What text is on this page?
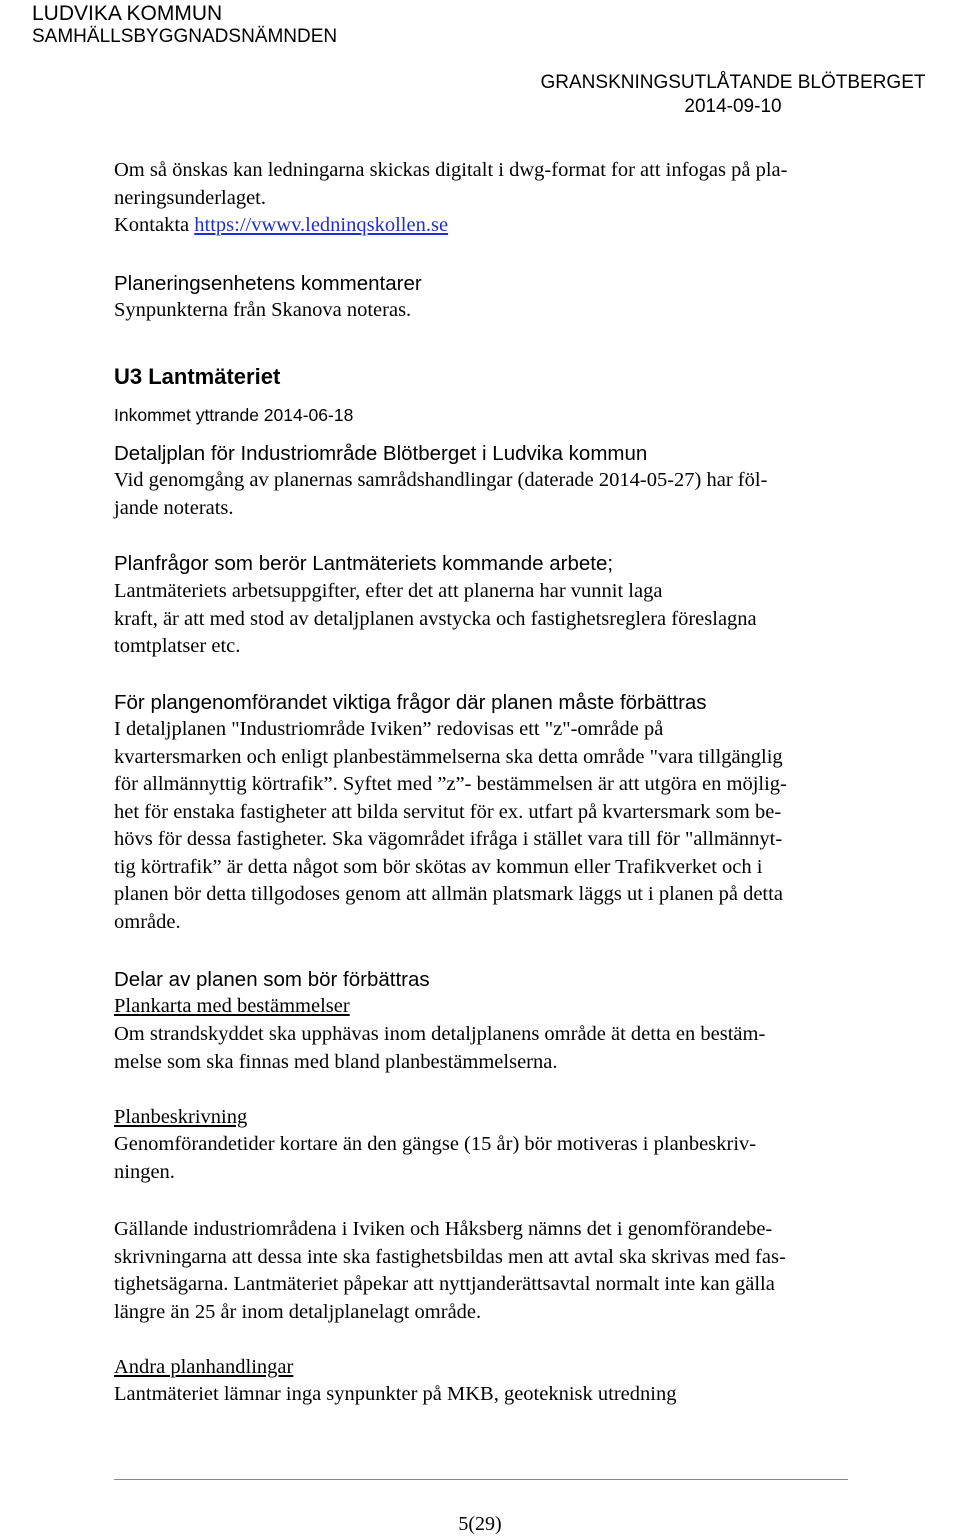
LUDVIKA KOMMUN
SAMHÄLLSBYGGNADSNÄMNDEN
GRANSKNINGSUTLÅTANDE BLÖTBERGET
2014-09-10
Om så önskas kan ledningarna skickas digitalt i dwg-format for att infogas på pla-
neringsunderlaget.
Kontakta https://vwwv.ledninqskollen.se
Planeringsenhetens kommentarer
Synpunkterna från Skanova noteras.
U3 Lantmäteriet
Inkommet yttrande 2014-06-18
Detaljplan för Industriområde Blötberget i Ludvika kommun
Vid genomgång av planernas samrådshandlingar (daterade 2014-05-27) har föl-
jande noterats.
Planfrågor som berör Lantmäteriets kommande arbete;
Lantmäteriets arbetsuppgifter, efter det att planerna har vunnit laga
kraft, är att med stod av detaljplanen avstycka och fastighetsreglera föreslagna
tomtplatser etc.
För plangenomförandet viktiga frågor där planen måste förbättras
I detaljplanen "Industriområde Iviken” redovisas ett "z"-område på
kvartersmarken och enligt planbestämmelserna ska detta område "vara tillgänglig
för allmännyttig körtrafik”. Syftet med ”z”- bestämmelsen är att utgöra en möjlig-
het för enstaka fastigheter att bilda servitut för ex. utfart på kvartersmark som be-
hövs för dessa fastigheter. Ska vägområdet ifråga i stället vara till för "allmännyt-
tig körtrafik” är detta något som bör skötas av kommun eller Trafikverket och i
planen bör detta tillgodoses genom att allmän platsmark läggs ut i planen på detta
område.
Delar av planen som bör förbättras
Plankarta med bestämmelser
Om strandskyddet ska upphävas inom detaljplanens område ät detta en bestäm-
melse som ska finnas med bland planbestämmelserna.
Planbeskrivning
Genomförandetider kortare än den gängse (15 år) bör motiveras i planbeskriv-
ningen.
Gällande industriområdena i Iviken och Håksberg nämns det i genomförandebe-
skrivningarna att dessa inte ska fastighetsbildas men att avtal ska skrivas med fas-
tighetsägarna. Lantmäteriet påpekar att nyttjanderättsavtal normalt inte kan gälla
längre än 25 år inom detaljplanelagt område.
Andra planhandlingar
Lantmäteriet lämnar inga synpunkter på MKB, geoteknisk utredning
5(29)
